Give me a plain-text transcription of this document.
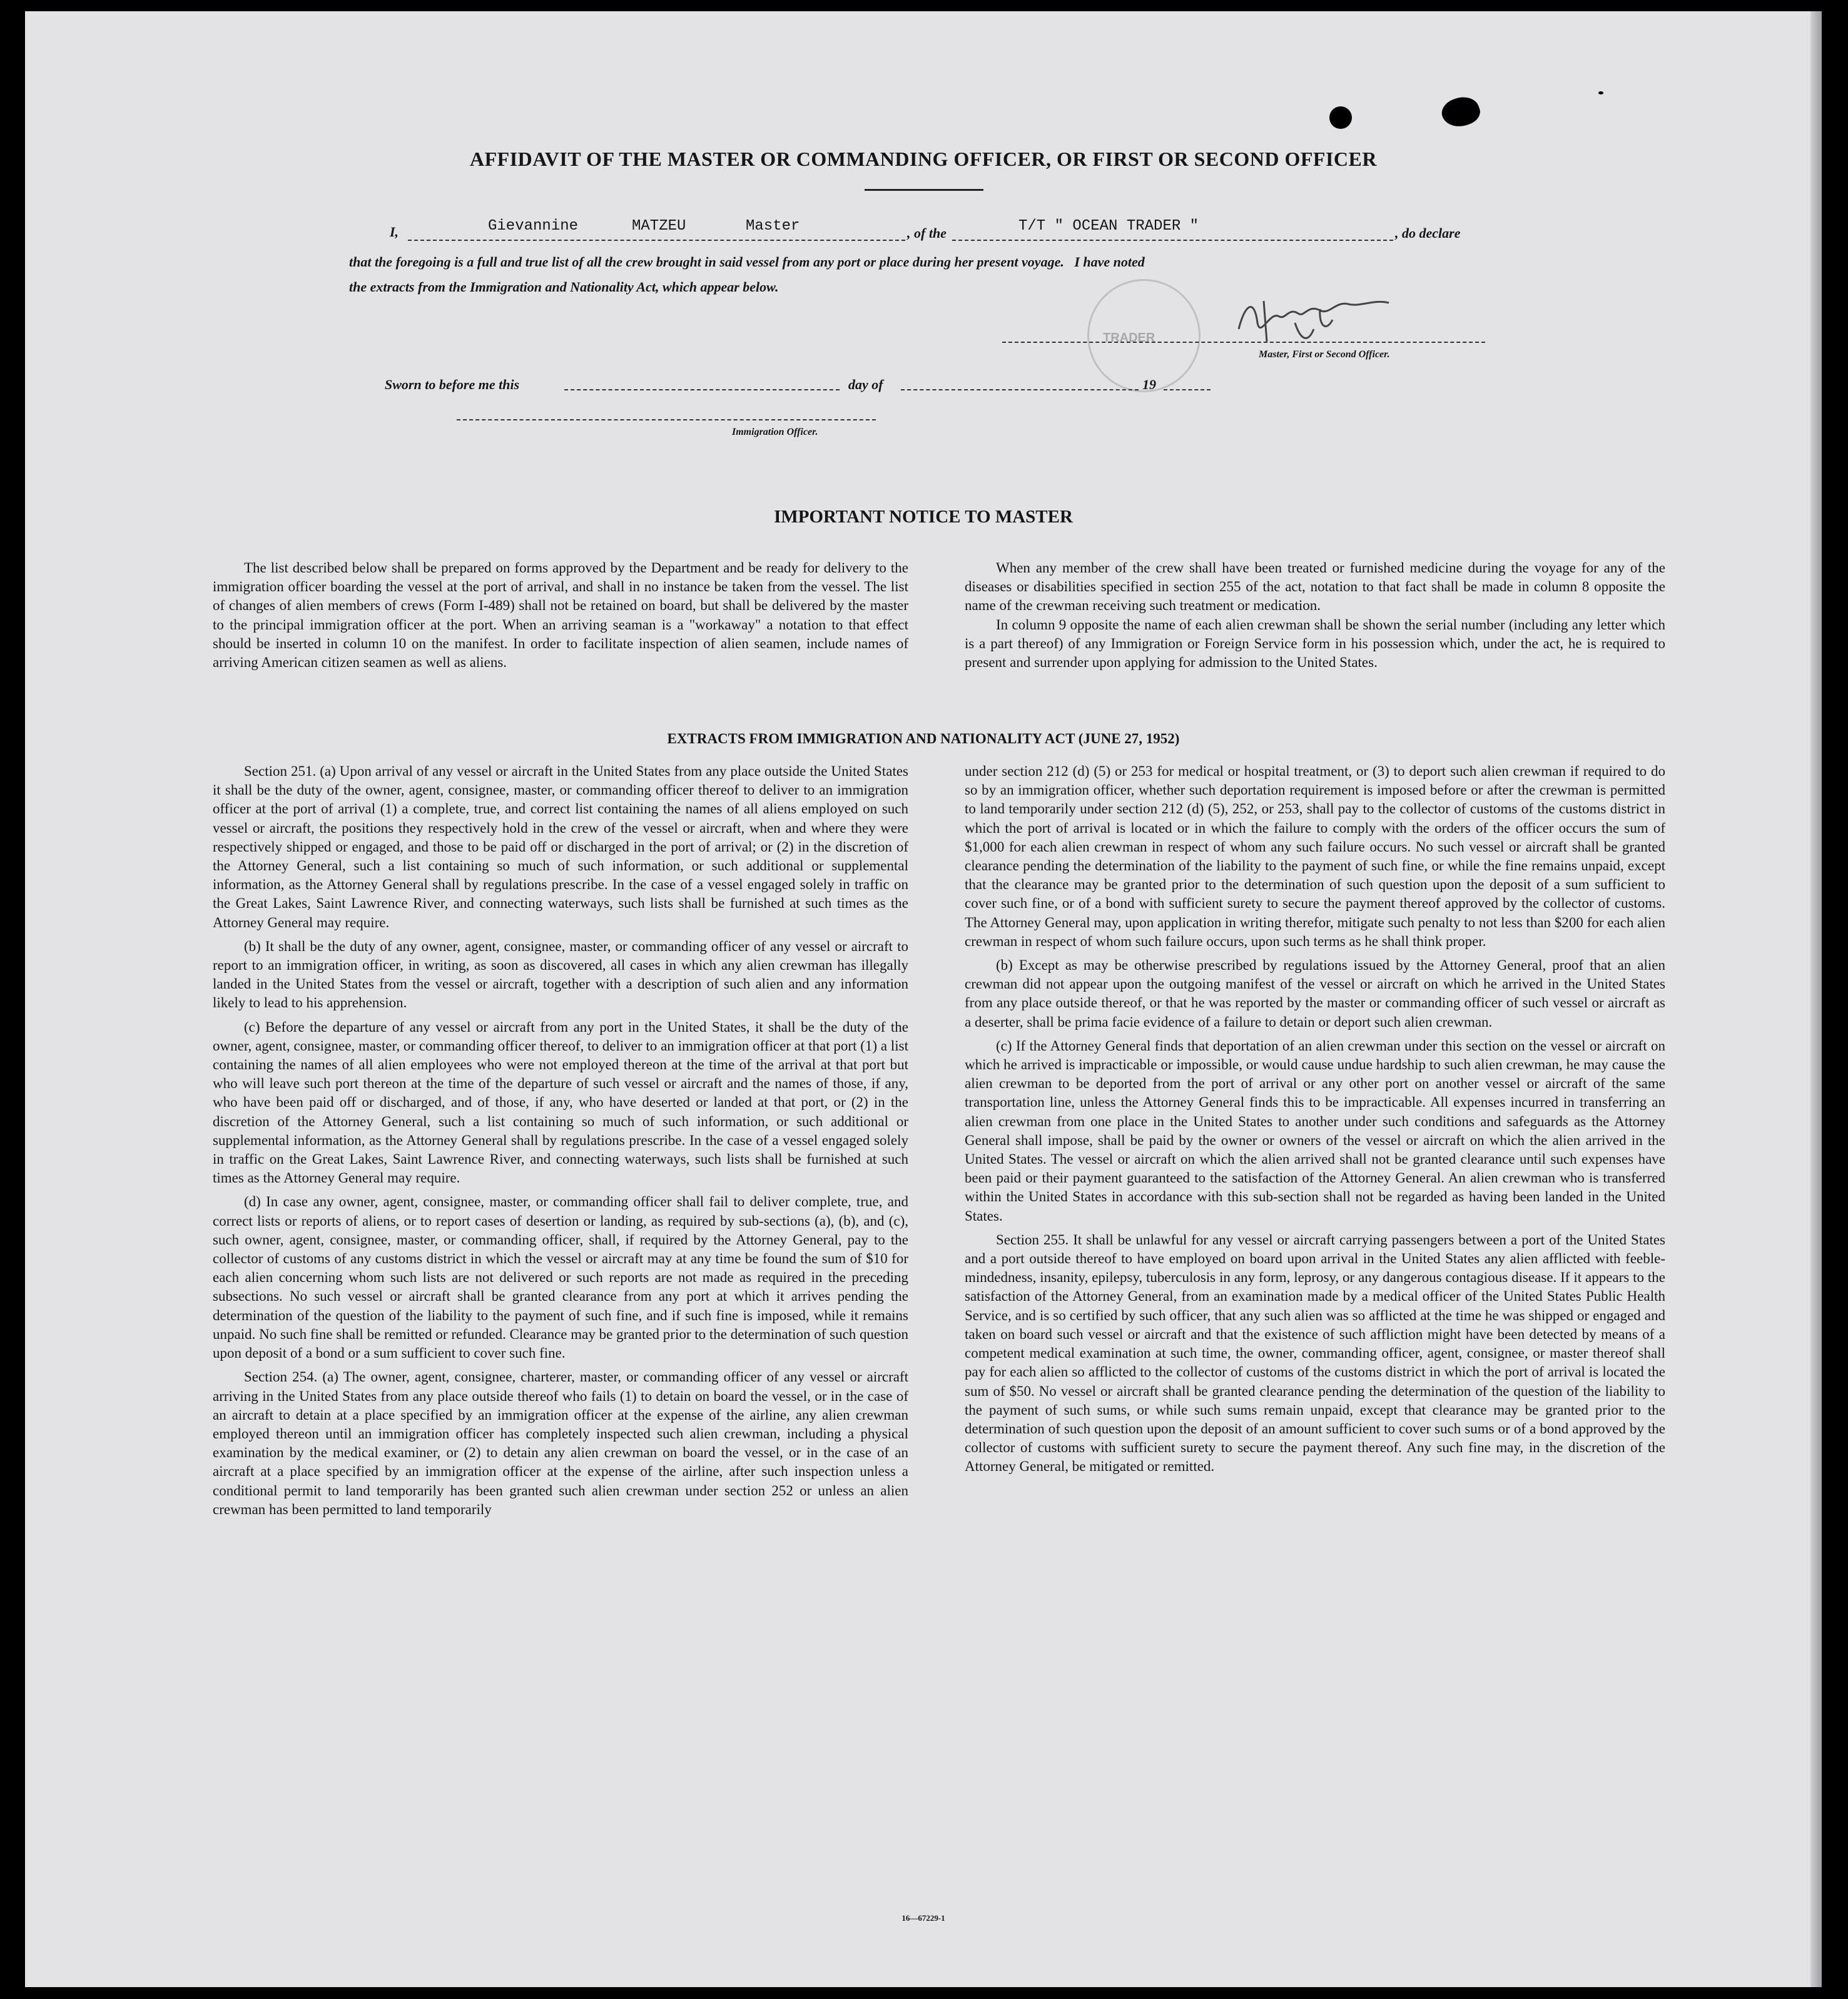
AFFIDAVIT OF THE MASTER OR COMMANDING OFFICER, OR FIRST OR SECOND OFFICER
I,	Gievannine	MATZEU	Master	, of the	T/T " OCEAN TRADER "	, do declare
that the foregoing is a full and true list of all the crew brought in said vessel from any port or place during her present voyage.   I have noted
the extracts from the Immigration and Nationality Act, which appear below.
TRADER
Master, First or Second Officer.
Sworn to before me this	day of	19
Immigration Officer.
IMPORTANT NOTICE TO MASTER

The list described below shall be prepared on forms approved by the Department and be ready for delivery to the immigration officer boarding the vessel at the port of arrival, and shall in no instance be taken from the vessel. The list of changes of alien members of crews (Form I-489) shall not be retained on board, but shall be delivered by the master to the principal immigration officer at the port. When an arriving seaman is a "workaway" a notation to that effect should be inserted in column 10 on the manifest. In order to facilitate inspection of alien seamen, include names of arriving American citizen seamen as well as aliens.

When any member of the crew shall have been treated or furnished medicine during the voyage for any of the diseases or disabilities specified in section 255 of the act, notation to that fact shall be made in column 8 opposite the name of the crewman receiving such treatment or medication.

In column 9 opposite the name of each alien crewman shall be shown the serial number (including any letter which is a part thereof) of any Immigration or Foreign Service form in his possession which, under the act, he is required to present and surrender upon applying for admission to the United States.

EXTRACTS FROM IMMIGRATION AND NATIONALITY ACT (JUNE 27, 1952)

Section 251. (a) Upon arrival of any vessel or aircraft in the United States from any place outside the United States it shall be the duty of the owner, agent, consignee, master, or commanding officer thereof to deliver to an immigration officer at the port of arrival (1) a complete, true, and correct list containing the names of all aliens employed on such vessel or aircraft, the positions they respectively hold in the crew of the vessel or aircraft, when and where they were respectively shipped or engaged, and those to be paid off or discharged in the port of arrival; or (2) in the discretion of the Attorney General, such a list containing so much of such information, or such additional or supplemental information, as the Attorney General shall by regulations prescribe. In the case of a vessel engaged solely in traffic on the Great Lakes, Saint Lawrence River, and connecting waterways, such lists shall be furnished at such times as the Attorney General may require.

(b) It shall be the duty of any owner, agent, consignee, master, or commanding officer of any vessel or aircraft to report to an immigration officer, in writing, as soon as discovered, all cases in which any alien crewman has illegally landed in the United States from the vessel or aircraft, together with a description of such alien and any information likely to lead to his apprehension.

(c) Before the departure of any vessel or aircraft from any port in the United States, it shall be the duty of the owner, agent, consignee, master, or commanding officer thereof, to deliver to an immigration officer at that port (1) a list containing the names of all alien employees who were not employed thereon at the time of the arrival at that port but who will leave such port thereon at the time of the departure of such vessel or aircraft and the names of those, if any, who have been paid off or discharged, and of those, if any, who have deserted or landed at that port, or (2) in the discretion of the Attorney General, such a list containing so much of such information, or such additional or supplemental information, as the Attorney General shall by regulations prescribe. In the case of a vessel engaged solely in traffic on the Great Lakes, Saint Lawrence River, and connecting waterways, such lists shall be furnished at such times as the Attorney General may require.

(d) In case any owner, agent, consignee, master, or commanding officer shall fail to deliver complete, true, and correct lists or reports of aliens, or to report cases of desertion or landing, as required by sub-sections (a), (b), and (c), such owner, agent, consignee, master, or commanding officer, shall, if required by the Attorney General, pay to the collector of customs of any customs district in which the vessel or aircraft may at any time be found the sum of $10 for each alien concerning whom such lists are not delivered or such reports are not made as required in the preceding subsections. No such vessel or aircraft shall be granted clearance from any port at which it arrives pending the determination of the question of the liability to the payment of such fine, and if such fine is imposed, while it remains unpaid. No such fine shall be remitted or refunded. Clearance may be granted prior to the determination of such question upon deposit of a bond or a sum sufficient to cover such fine.

Section 254. (a) The owner, agent, consignee, charterer, master, or commanding officer of any vessel or aircraft arriving in the United States from any place outside thereof who fails (1) to detain on board the vessel, or in the case of an aircraft to detain at a place specified by an immigration officer at the expense of the airline, any alien crewman employed thereon until an immigration officer has completely inspected such alien crewman, including a physical examination by the medical examiner, or (2) to detain any alien crewman on board the vessel, or in the case of an aircraft at a place specified by an immigration officer at the expense of the airline, after such inspection unless a conditional permit to land temporarily has been granted such alien crewman under section 252 or unless an alien crewman has been permitted to land temporarily

under section 212 (d) (5) or 253 for medical or hospital treatment, or (3) to deport such alien crewman if required to do so by an immigration officer, whether such deportation requirement is imposed before or after the crewman is permitted to land temporarily under section 212 (d) (5), 252, or 253, shall pay to the collector of customs of the customs district in which the port of arrival is located or in which the failure to comply with the orders of the officer occurs the sum of $1,000 for each alien crewman in respect of whom any such failure occurs. No such vessel or aircraft shall be granted clearance pending the determination of the liability to the payment of such fine, or while the fine remains unpaid, except that the clearance may be granted prior to the determination of such question upon the deposit of a sum sufficient to cover such fine, or of a bond with sufficient surety to secure the payment thereof approved by the collector of customs. The Attorney General may, upon application in writing therefor, mitigate such penalty to not less than $200 for each alien crewman in respect of whom such failure occurs, upon such terms as he shall think proper.

(b) Except as may be otherwise prescribed by regulations issued by the Attorney General, proof that an alien crewman did not appear upon the outgoing manifest of the vessel or aircraft on which he arrived in the United States from any place outside thereof, or that he was reported by the master or commanding officer of such vessel or aircraft as a deserter, shall be prima facie evidence of a failure to detain or deport such alien crewman.

(c) If the Attorney General finds that deportation of an alien crewman under this section on the vessel or aircraft on which he arrived is impracticable or impossible, or would cause undue hardship to such alien crewman, he may cause the alien crewman to be deported from the port of arrival or any other port on another vessel or aircraft of the same transportation line, unless the Attorney General finds this to be impracticable. All expenses incurred in transferring an alien crewman from one place in the United States to another under such conditions and safeguards as the Attorney General shall impose, shall be paid by the owner or owners of the vessel or aircraft on which the alien arrived in the United States. The vessel or aircraft on which the alien arrived shall not be granted clearance until such expenses have been paid or their payment guaranteed to the satisfaction of the Attorney General. An alien crewman who is transferred within the United States in accordance with this sub-section shall not be regarded as having been landed in the United States.

Section 255. It shall be unlawful for any vessel or aircraft carrying passengers between a port of the United States and a port outside thereof to have employed on board upon arrival in the United States any alien afflicted with feeble-mindedness, insanity, epilepsy, tuberculosis in any form, leprosy, or any dangerous contagious disease. If it appears to the satisfaction of the Attorney General, from an examination made by a medical officer of the United States Public Health Service, and is so certified by such officer, that any such alien was so afflicted at the time he was shipped or engaged and taken on board such vessel or aircraft and that the existence of such affliction might have been detected by means of a competent medical examination at such time, the owner, commanding officer, agent, consignee, or master thereof shall pay for each alien so afflicted to the collector of customs of the customs district in which the port of arrival is located the sum of $50. No vessel or aircraft shall be granted clearance pending the determination of the question of the liability to the payment of such sums, or while such sums remain unpaid, except that clearance may be granted prior to the determination of such question upon the deposit of an amount sufficient to cover such sums or of a bond approved by the collector of customs with sufficient surety to secure the payment thereof. Any such fine may, in the discretion of the Attorney General, be mitigated or remitted.

16—67229-1
